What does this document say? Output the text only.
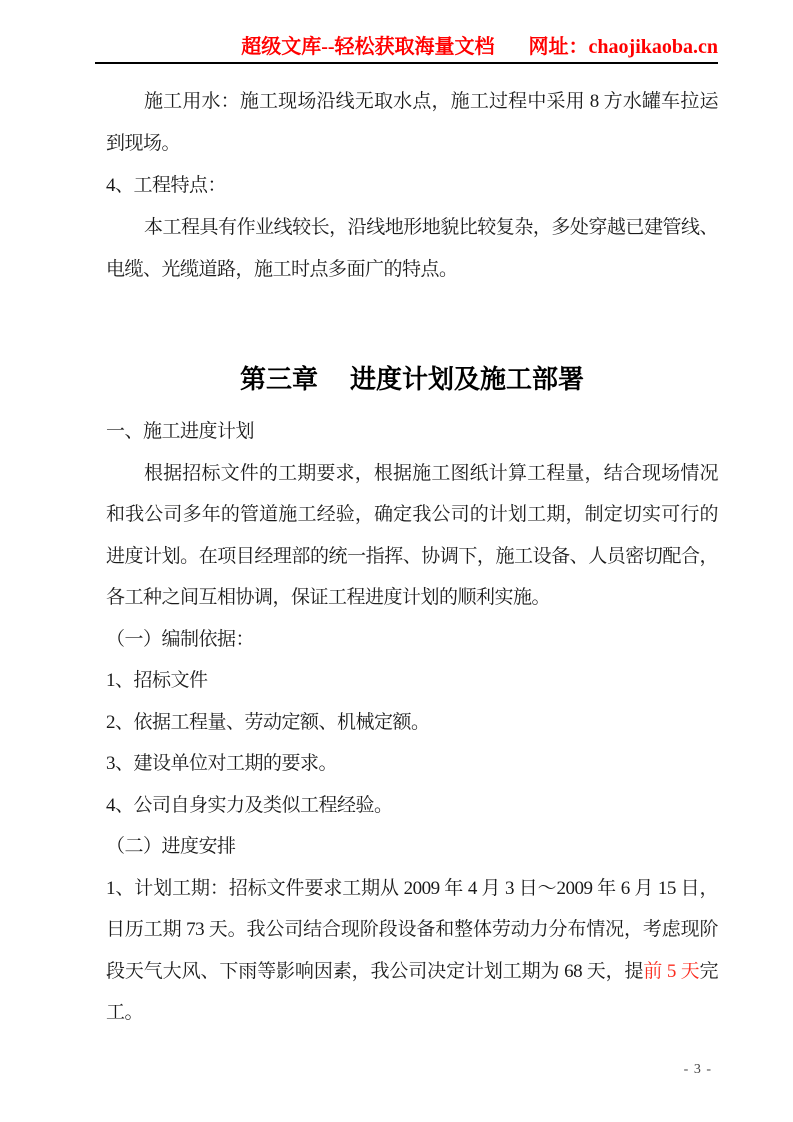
超级文库--轻松获取海量文档 网址： chaojikaoba.cn
施工用水：施工现场沿线无取水点，施工过程中采用 8 方水罐车拉运
到现场。
4、工程特点：
本工程具有作业线较长，沿线地形地貌比较复杂，多处穿越已建管线、
电缆、光缆道路，施工时点多面广的特点。
第三章 进度计划及施工部署
一、施工进度计划
根据招标文件的工期要求，根据施工图纸计算工程量，结合现场情况
和我公司多年的管道施工经验，确定我公司的计划工期，制定切实可行的
进度计划。在项目经理部的统一指挥、协调下，施工设备、人员密切配合，
各工种之间互相协调，保证工程进度计划的顺利实施。
（一）编制依据：
1、招标文件
2、依据工程量、劳动定额、机械定额。
3、建设单位对工期的要求。
4、公司自身实力及类似工程经验。
（二）进度安排
1、计划工期：招标文件要求工期从 2009 年 4 月 3 日～2009 年 6 月 15 日，
日历工期 73 天。我公司结合现阶段设备和整体劳动力分布情况，考虑现阶
段天气大风、下雨等影响因素，我公司决定计划工期为 68 天，提前 5 天完
工。
- 3 -
